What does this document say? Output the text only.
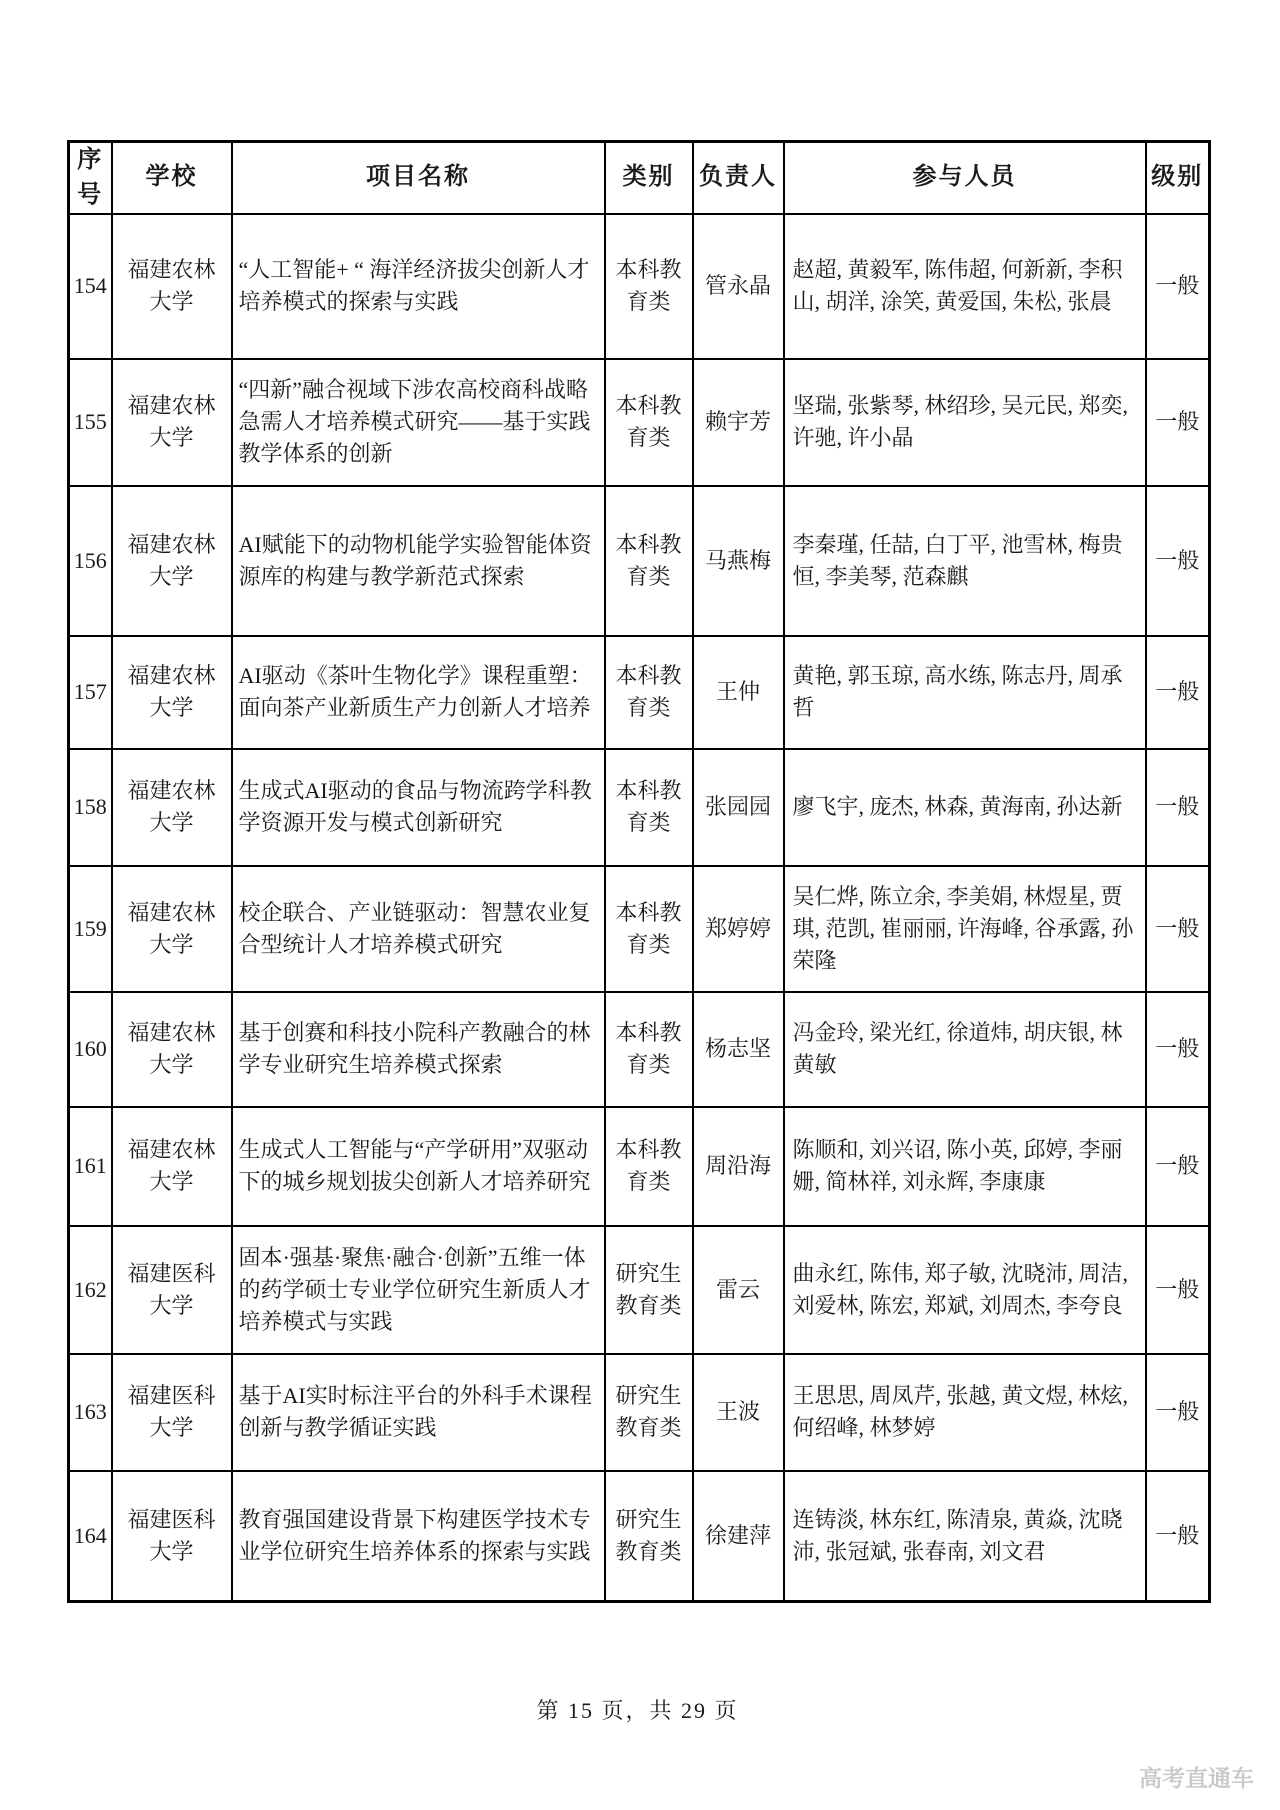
序号	学校	项目名称	类别	负责人	参与人员	级别
154	福建农林大学	“人工智能+ “ 海洋经济拔尖创新人才培养模式的探索与实践	本科教育类	管永晶	赵超, 黄毅军, 陈伟超, 何新新, 李积山, 胡洋, 涂笑, 黄爱国, 朱松, 张晨	一般
155	福建农林大学	“四新”融合视域下涉农高校商科战略急需人才培养模式研究——基于实践教学体系的创新	本科教育类	赖宇芳	坚瑞, 张紫琴, 林绍珍, 吴元民, 郑奕, 许驰, 许小晶	一般
156	福建农林大学	AI赋能下的动物机能学实验智能体资源库的构建与教学新范式探索	本科教育类	马燕梅	李秦瑾, 任喆, 白丁平, 池雪林, 梅贵恒, 李美琴, 范森麒	一般
157	福建农林大学	AI驱动《茶叶生物化学》课程重塑：面向茶产业新质生产力创新人才培养	本科教育类	王仲	黄艳, 郭玉琼, 高水练, 陈志丹, 周承哲	一般
158	福建农林大学	生成式AI驱动的食品与物流跨学科教学资源开发与模式创新研究	本科教育类	张园园	廖飞宇, 庞杰, 林森, 黄海南, 孙达新	一般
159	福建农林大学	校企联合、产业链驱动：智慧农业复合型统计人才培养模式研究	本科教育类	郑婷婷	吴仁烨, 陈立余, 李美娟, 林煜星, 贾琪, 范凯, 崔丽丽, 许海峰, 谷承露, 孙荣隆	一般
160	福建农林大学	基于创赛和科技小院科产教融合的林学专业研究生培养模式探索	本科教育类	杨志坚	冯金玲, 梁光红, 徐道炜, 胡庆银, 林黄敏	一般
161	福建农林大学	生成式人工智能与“产学研用”双驱动下的城乡规划拔尖创新人才培养研究	本科教育类	周沿海	陈顺和, 刘兴诏, 陈小英, 邱婷, 李丽姗, 简林祥, 刘永辉, 李康康	一般
162	福建医科大学	固本·强基·聚焦·融合·创新”五维一体的药学硕士专业学位研究生新质人才培养模式与实践	研究生教育类	雷云	曲永红, 陈伟, 郑子敏, 沈晓沛, 周洁, 刘爱林, 陈宏, 郑斌, 刘周杰, 李夸良	一般
163	福建医科大学	基于AI实时标注平台的外科手术课程创新与教学循证实践	研究生教育类	王波	王思思, 周凤芹, 张越, 黄文煜, 林炫, 何绍峰, 林梦婷	一般
164	福建医科大学	教育强国建设背景下构建医学技术专业学位研究生培养体系的探索与实践	研究生教育类	徐建萍	连铸淡, 林东红, 陈清泉, 黄焱, 沈晓沛, 张冠斌, 张春南, 刘文君	一般
第 15 页，共 29 页
高考直通车
